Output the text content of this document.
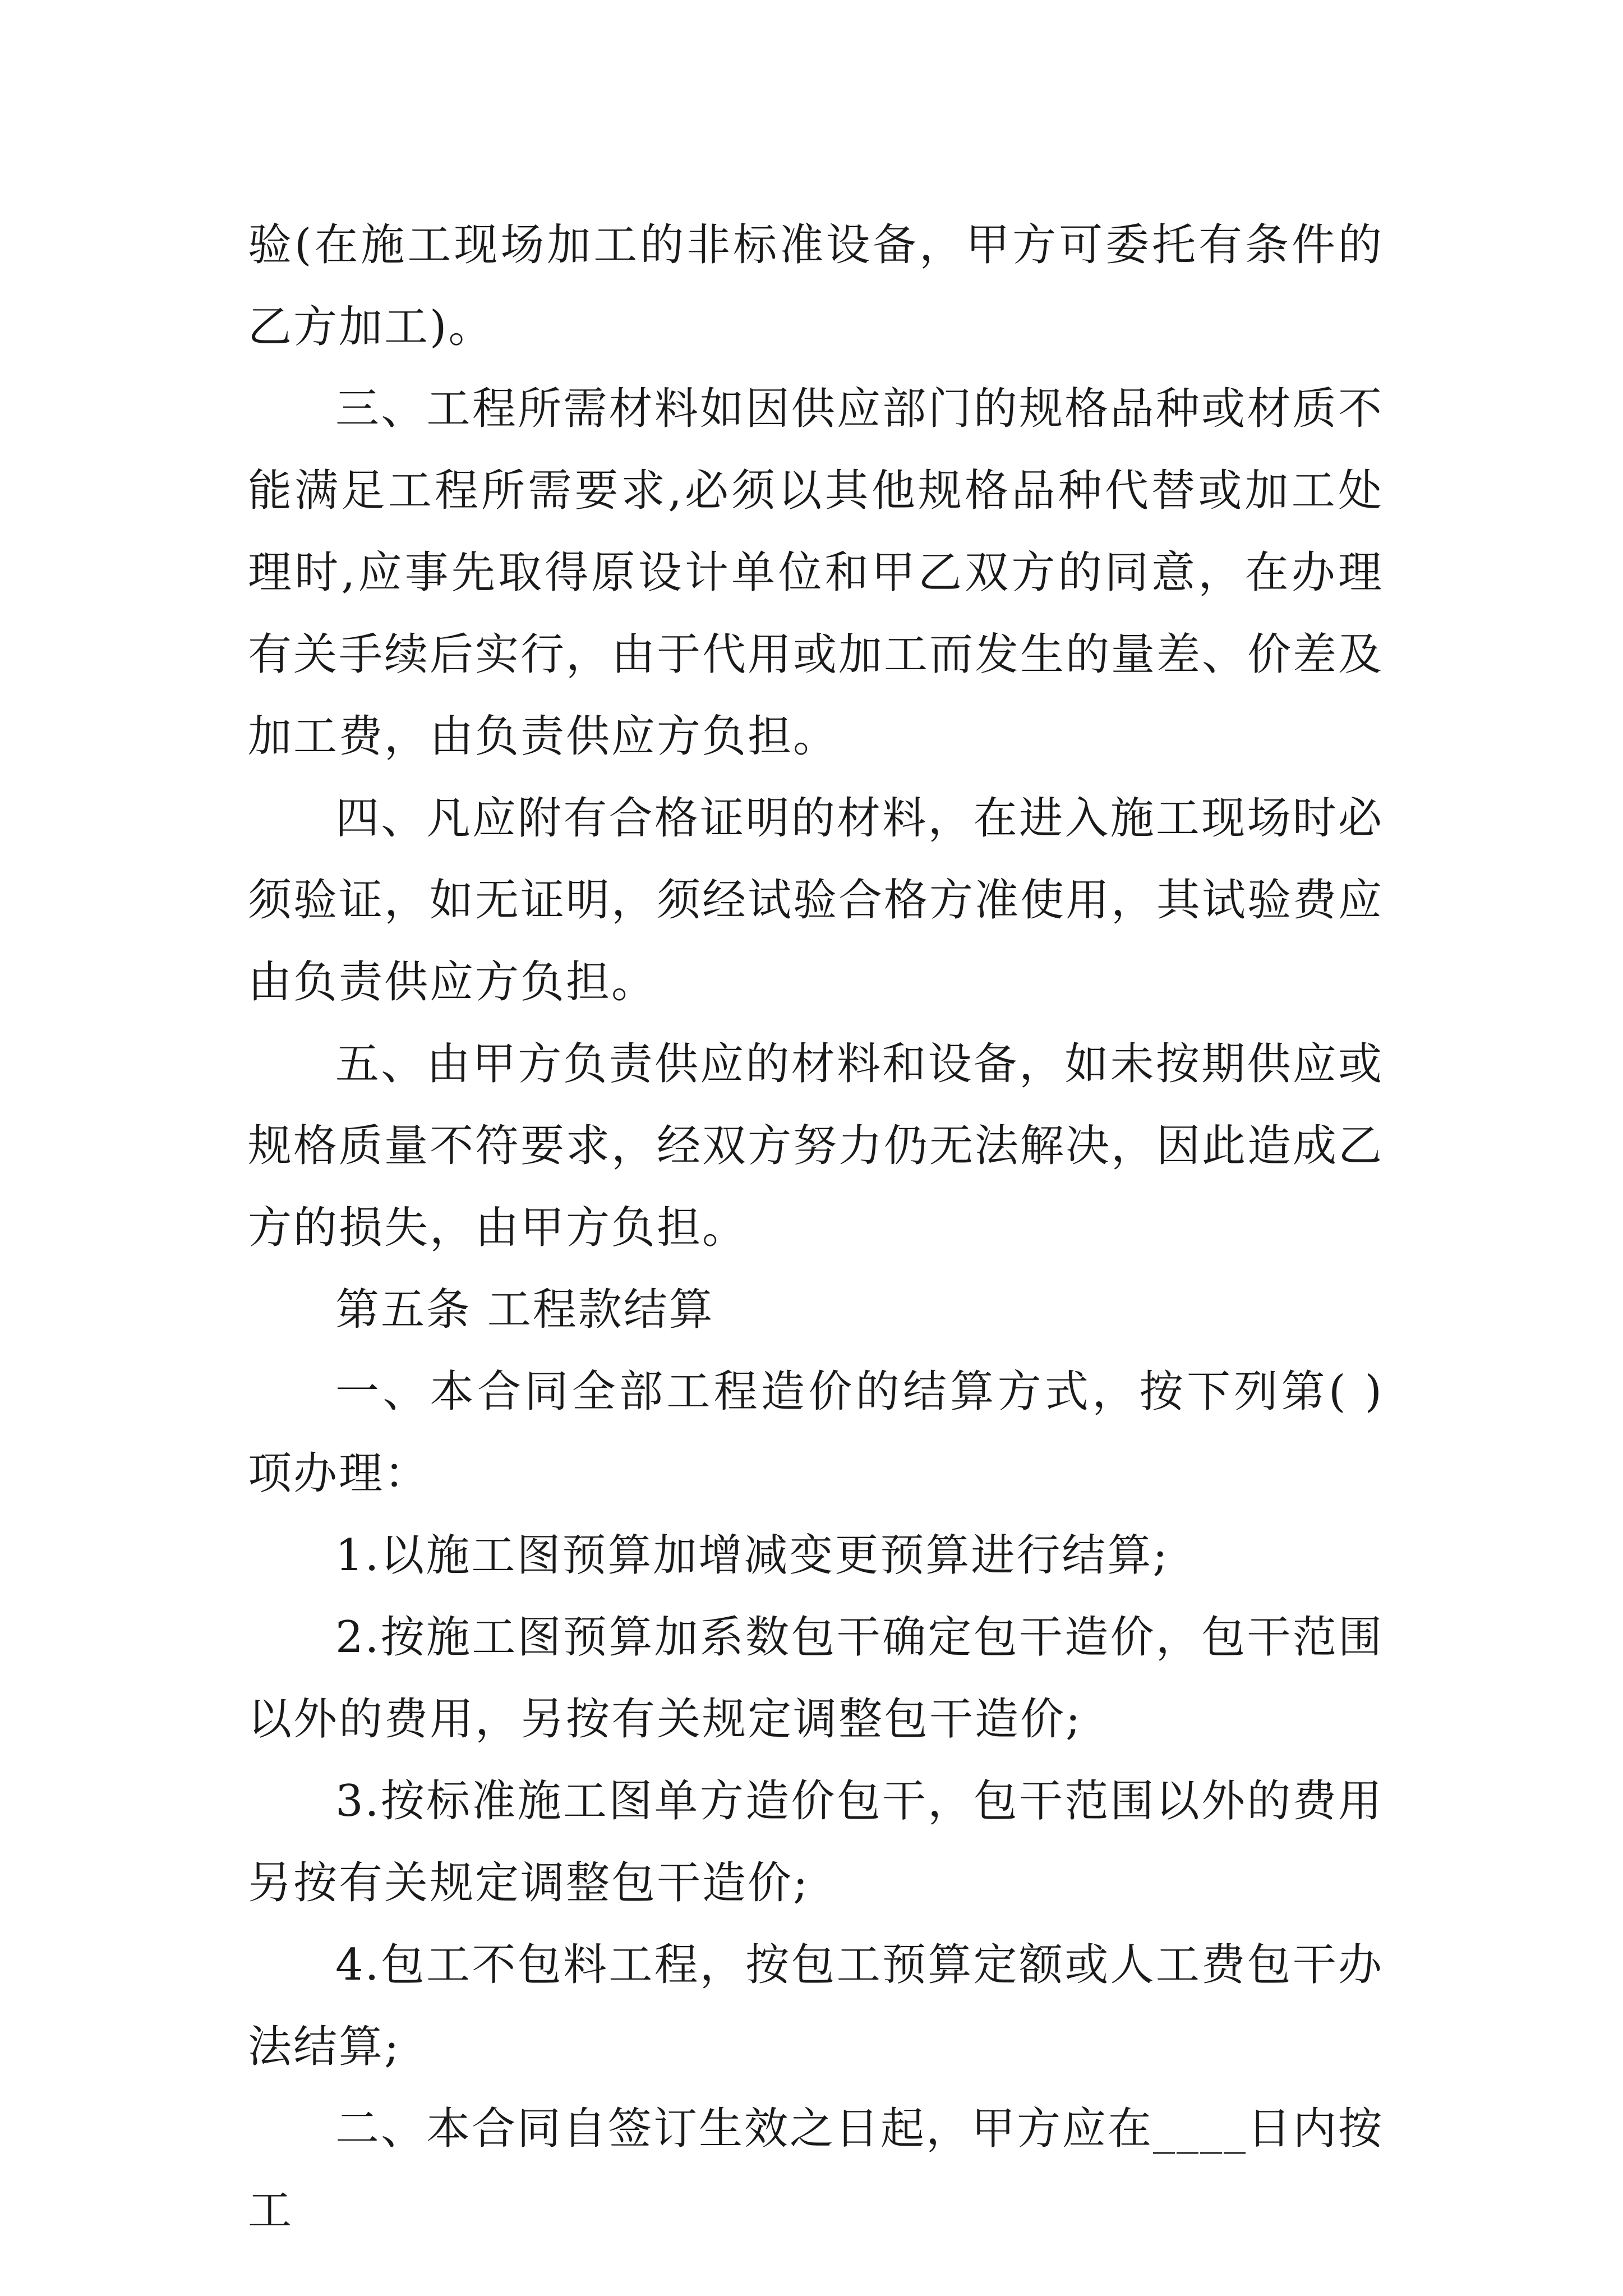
验(在施工现场加工的非标准设备，甲方可委托有条件的乙方加工)。

三、工程所需材料如因供应部门的规格品种或材质不能满足工程所需要求,必须以其他规格品种代替或加工处理时,应事先取得原设计单位和甲乙双方的同意，在办理有关手续后实行，由于代用或加工而发生的量差、价差及加工费，由负责供应方负担。

四、凡应附有合格证明的材料，在进入施工现场时必须验证，如无证明，须经试验合格方准使用，其试验费应由负责供应方负担。

五、由甲方负责供应的材料和设备，如未按期供应或规格质量不符要求，经双方努力仍无法解决，因此造成乙方的损失，由甲方负担。

第五条 工程款结算

一、本合同全部工程造价的结算方式，按下列第( )项办理：

1.以施工图预算加增减变更预算进行结算;

2.按施工图预算加系数包干确定包干造价，包干范围以外的费用，另按有关规定调整包干造价;

3.按标准施工图单方造价包干，包干范围以外的费用另按有关规定调整包干造价;

4.包工不包料工程，按包工预算定额或人工费包干办法结算;

二、本合同自签订生效之日起，甲方应在____日内按工
